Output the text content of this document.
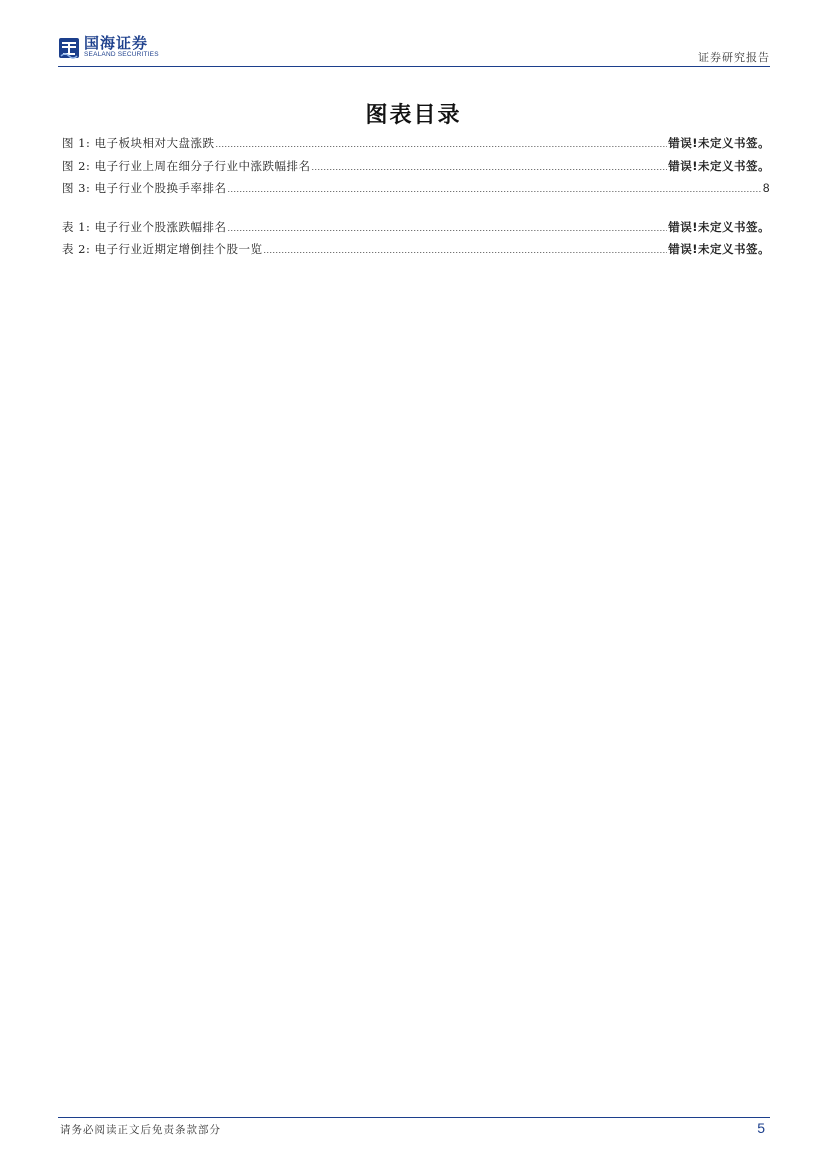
国海证券
SEALAND SECURITIES	证券研究报告
图表目录
图 1: 电子板块相对大盘涨跌 .....	错误!未定义书签。
图 2: 电子行业上周在细分子行业中涨跌幅排名 .....	错误!未定义书签。
图 3: 电子行业个股换手率排名 .....	8
表 1: 电子行业个股涨跌幅排名 .....	错误!未定义书签。
表 2: 电子行业近期定增倒挂个股一览 .....	错误!未定义书签。
请务必阅读正文后免责条款部分	5
